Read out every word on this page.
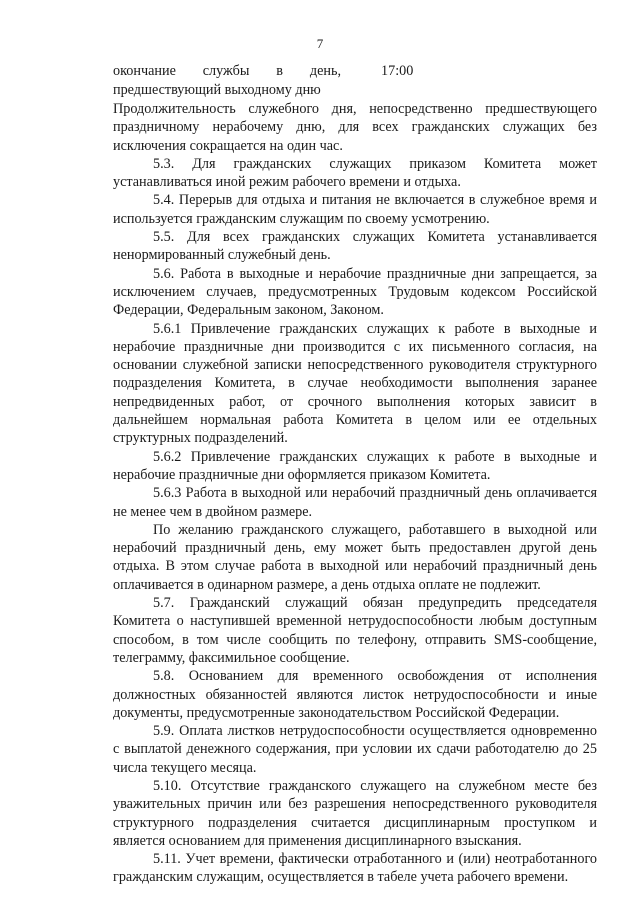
7
окончание службы в день,	17:00
предшествующий выходному дню

Продолжительность служебного дня, непосредственно предшествующего праздничному нерабочему дню, для всех гражданских служащих без исключения сокращается на один час.

5.3. Для гражданских служащих приказом Комитета может устанавливаться иной режим рабочего времени и отдыха.

5.4. Перерыв для отдыха и питания не включается в служебное время и используется гражданским служащим по своему усмотрению.

5.5. Для всех гражданских служащих Комитета устанавливается ненормированный служебный день.

5.6. Работа в выходные и нерабочие праздничные дни запрещается, за исключением случаев, предусмотренных Трудовым кодексом Российской Федерации, Федеральным законом, Законом.

5.6.1 Привлечение гражданских служащих к работе в выходные и нерабочие праздничные дни производится с их письменного согласия, на основании служебной записки непосредственного руководителя структурного подразделения Комитета, в случае необходимости выполнения заранее непредвиденных работ, от срочного выполнения которых зависит в дальнейшем нормальная работа Комитета в целом или ее отдельных структурных подразделений.

5.6.2 Привлечение гражданских служащих к работе в выходные и нерабочие праздничные дни оформляется приказом Комитета.

5.6.3 Работа в выходной или нерабочий праздничный день оплачивается не менее чем в двойном размере.

По желанию гражданского служащего, работавшего в выходной или нерабочий праздничный день, ему может быть предоставлен другой день отдыха. В этом случае работа в выходной или нерабочий праздничный день оплачивается в одинарном размере, а день отдыха оплате не подлежит.

5.7. Гражданский служащий обязан предупредить председателя Комитета о наступившей временной нетрудоспособности любым доступным способом, в том числе сообщить по телефону, отправить SMS-сообщение, телеграмму, факсимильное сообщение.

5.8. Основанием для временного освобождения от исполнения должностных обязанностей являются листок нетрудоспособности и иные документы, предусмотренные законодательством Российской Федерации.

5.9. Оплата листков нетрудоспособности осуществляется одновременно с выплатой денежного содержания, при условии их сдачи работодателю до 25 числа текущего месяца.

5.10. Отсутствие гражданского служащего на служебном месте без уважительных причин или без разрешения непосредственного руководителя структурного подразделения считается дисциплинарным проступком и является основанием для применения дисциплинарного взыскания.

5.11. Учет времени, фактически отработанного и (или) неотработанного гражданским служащим, осуществляется в табеле учета рабочего времени.
